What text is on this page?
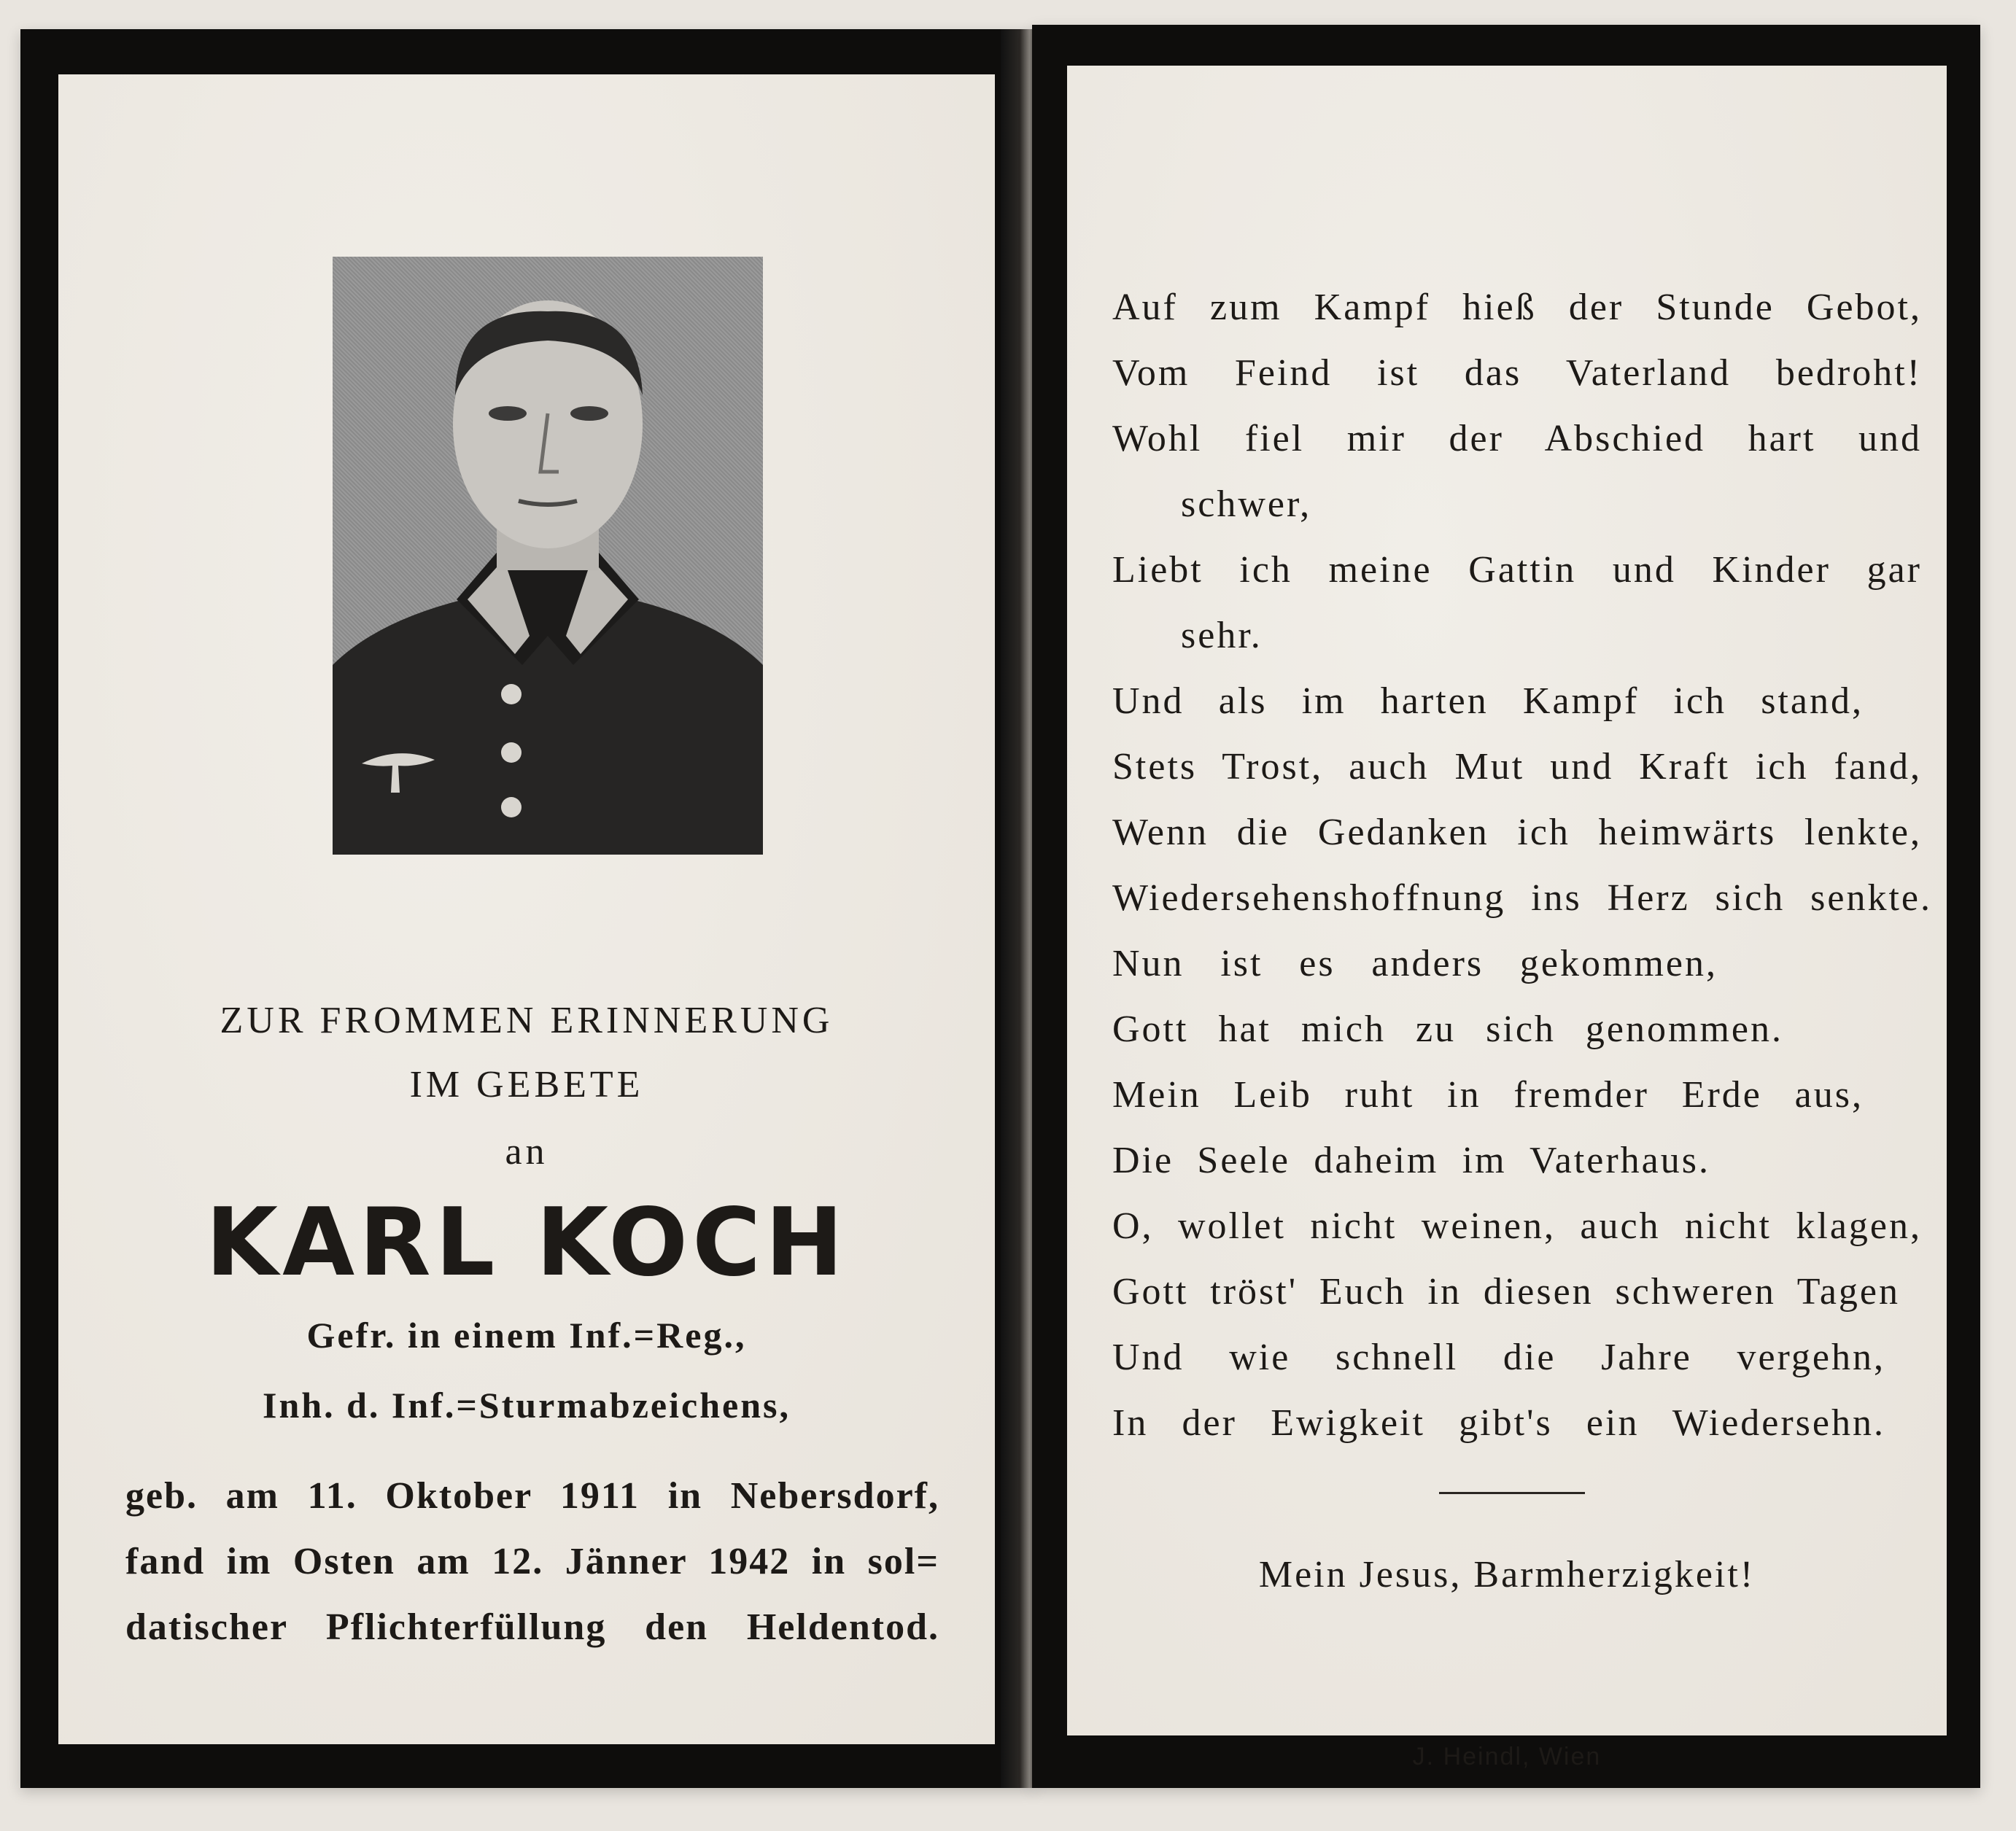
ZUR FROMMEN ERINNERUNG
IM GEBETE
an
KARL KOCH
Gefr. in einem Inf.=Reg.,
Inh. d. Inf.=Sturmabzeichens,
geb. am 11. Oktober 1911 in Nebersdorf,
fand im Osten am 12. Jänner 1942 in sol=
datischer Pflichterfüllung den Heldentod.
Auf zum Kampf hieß der Stunde Gebot,
Vom Feind ist das Vaterland bedroht!
Wohl fiel mir der Abschied hart und
schwer,
Liebt ich meine Gattin und Kinder gar
sehr.
Und als im harten Kampf ich stand,
Stets Trost, auch Mut und Kraft ich fand,
Wenn die Gedanken ich heimwärts lenkte,
Wiedersehenshoffnung ins Herz sich senkte.
Nun ist es anders gekommen,
Gott hat mich zu sich genommen.
Mein Leib ruht in fremder Erde aus,
Die Seele daheim im Vaterhaus.
O, wollet nicht weinen, auch nicht klagen,
Gott tröst' Euch in diesen schweren Tagen
Und wie schnell die Jahre vergehn,
In der Ewigkeit gibt's ein Wiedersehn.
Mein Jesus, Barmherzigkeit!
J. Heindl, Wien
